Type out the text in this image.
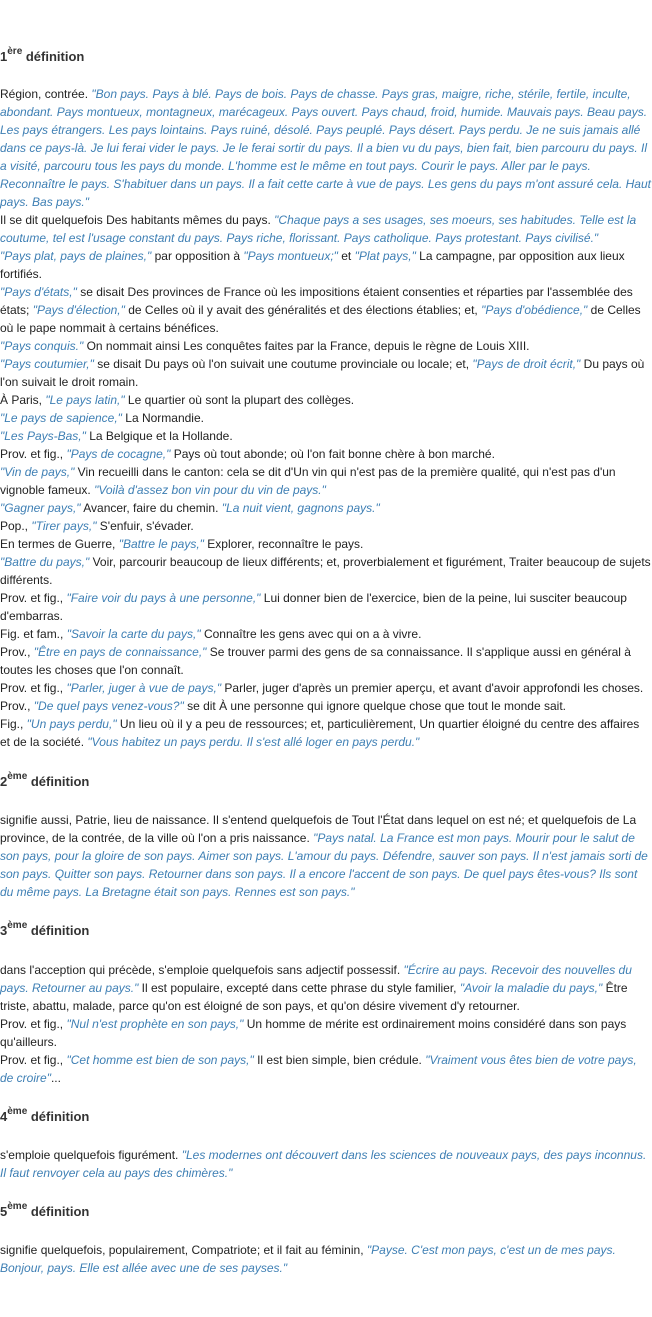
1ère définition
Région, contrée. "Bon pays. Pays à blé. Pays de bois. Pays de chasse. Pays gras, maigre, riche, stérile, fertile, inculte, abondant. Pays montueux, montagneux, marécageux. Pays ouvert. Pays chaud, froid, humide. Mauvais pays. Beau pays. Les pays étrangers. Les pays lointains. Pays ruiné, désolé. Pays peuplé. Pays désert. Pays perdu. Je ne suis jamais allé dans ce pays-là. Je lui ferai vider le pays. Je le ferai sortir du pays. Il a bien vu du pays, bien fait, bien parcouru du pays. Il a visité, parcouru tous les pays du monde. L'homme est le même en tout pays. Courir le pays. Aller par le pays. Reconnaître le pays. S'habituer dans un pays. Il a fait cette carte à vue de pays. Les gens du pays m'ont assuré cela. Haut pays. Bas pays."
Il se dit quelquefois Des habitants mêmes du pays. "Chaque pays a ses usages, ses moeurs, ses habitudes. Telle est la coutume, tel est l'usage constant du pays. Pays riche, florissant. Pays catholique. Pays protestant. Pays civilisé."
"Pays plat, pays de plaines," par opposition à "Pays montueux;" et "Plat pays," La campagne, par opposition aux lieux fortifiés.
"Pays d'états," se disait Des provinces de France où les impositions étaient consenties et réparties par l'assemblée des états; "Pays d'élection," de Celles où il y avait des généralités et des élections établies; et, "Pays d'obédience," de Celles où le pape nommait à certains bénéfices.
"Pays conquis." On nommait ainsi Les conquêtes faites par la France, depuis le règne de Louis XIII.
"Pays coutumier," se disait Du pays où l'on suivait une coutume provinciale ou locale; et, "Pays de droit écrit," Du pays où l'on suivait le droit romain.
À Paris, "Le pays latin," Le quartier où sont la plupart des collèges.
"Le pays de sapience," La Normandie.
"Les Pays-Bas," La Belgique et la Hollande.
Prov. et fig., "Pays de cocagne," Pays où tout abonde; où l'on fait bonne chère à bon marché.
"Vin de pays," Vin recueilli dans le canton: cela se dit d'Un vin qui n'est pas de la première qualité, qui n'est pas d'un vignoble fameux. "Voilà d'assez bon vin pour du vin de pays."
"Gagner pays," Avancer, faire du chemin. "La nuit vient, gagnons pays."
Pop., "Tirer pays," S'enfuir, s'évader.
En termes de Guerre, "Battre le pays," Explorer, reconnaître le pays.
"Battre du pays," Voir, parcourir beaucoup de lieux différents; et, proverbialement et figurément, Traiter beaucoup de sujets différents.
Prov. et fig., "Faire voir du pays à une personne," Lui donner bien de l'exercice, bien de la peine, lui susciter beaucoup d'embarras.
Fig. et fam., "Savoir la carte du pays," Connaître les gens avec qui on a à vivre.
Prov., "Être en pays de connaissance," Se trouver parmi des gens de sa connaissance. Il s'applique aussi en général à toutes les choses que l'on connaît.
Prov. et fig., "Parler, juger à vue de pays," Parler, juger d'après un premier aperçu, et avant d'avoir approfondi les choses.
Prov., "De quel pays venez-vous?" se dit À une personne qui ignore quelque chose que tout le monde sait.
Fig., "Un pays perdu," Un lieu où il y a peu de ressources; et, particulièrement, Un quartier éloigné du centre des affaires et de la société. "Vous habitez un pays perdu. Il s'est allé loger en pays perdu."
2ème définition
signifie aussi, Patrie, lieu de naissance. Il s'entend quelquefois de Tout l'État dans lequel on est né; et quelquefois de La province, de la contrée, de la ville où l'on a pris naissance. "Pays natal. La France est mon pays. Mourir pour le salut de son pays, pour la gloire de son pays. Aimer son pays. L'amour du pays. Défendre, sauver son pays. Il n'est jamais sorti de son pays. Quitter son pays. Retourner dans son pays. Il a encore l'accent de son pays. De quel pays êtes-vous? Ils sont du même pays. La Bretagne était son pays. Rennes est son pays."
3ème définition
dans l'acception qui précède, s'emploie quelquefois sans adjectif possessif. "Écrire au pays. Recevoir des nouvelles du pays. Retourner au pays." Il est populaire, excepté dans cette phrase du style familier, "Avoir la maladie du pays," Être triste, abattu, malade, parce qu'on est éloigné de son pays, et qu'on désire vivement d'y retourner.
Prov. et fig., "Nul n'est prophète en son pays," Un homme de mérite est ordinairement moins considéré dans son pays qu'ailleurs.
Prov. et fig., "Cet homme est bien de son pays," Il est bien simple, bien crédule. "Vraiment vous êtes bien de votre pays, de croire"...
4ème définition
s'emploie quelquefois figurément. "Les modernes ont découvert dans les sciences de nouveaux pays, des pays inconnus. Il faut renvoyer cela au pays des chimères."
5ème définition
signifie quelquefois, populairement, Compatriote; et il fait au féminin, "Payse. C'est mon pays, c'est un de mes pays. Bonjour, pays. Elle est allée avec une de ses payses."
